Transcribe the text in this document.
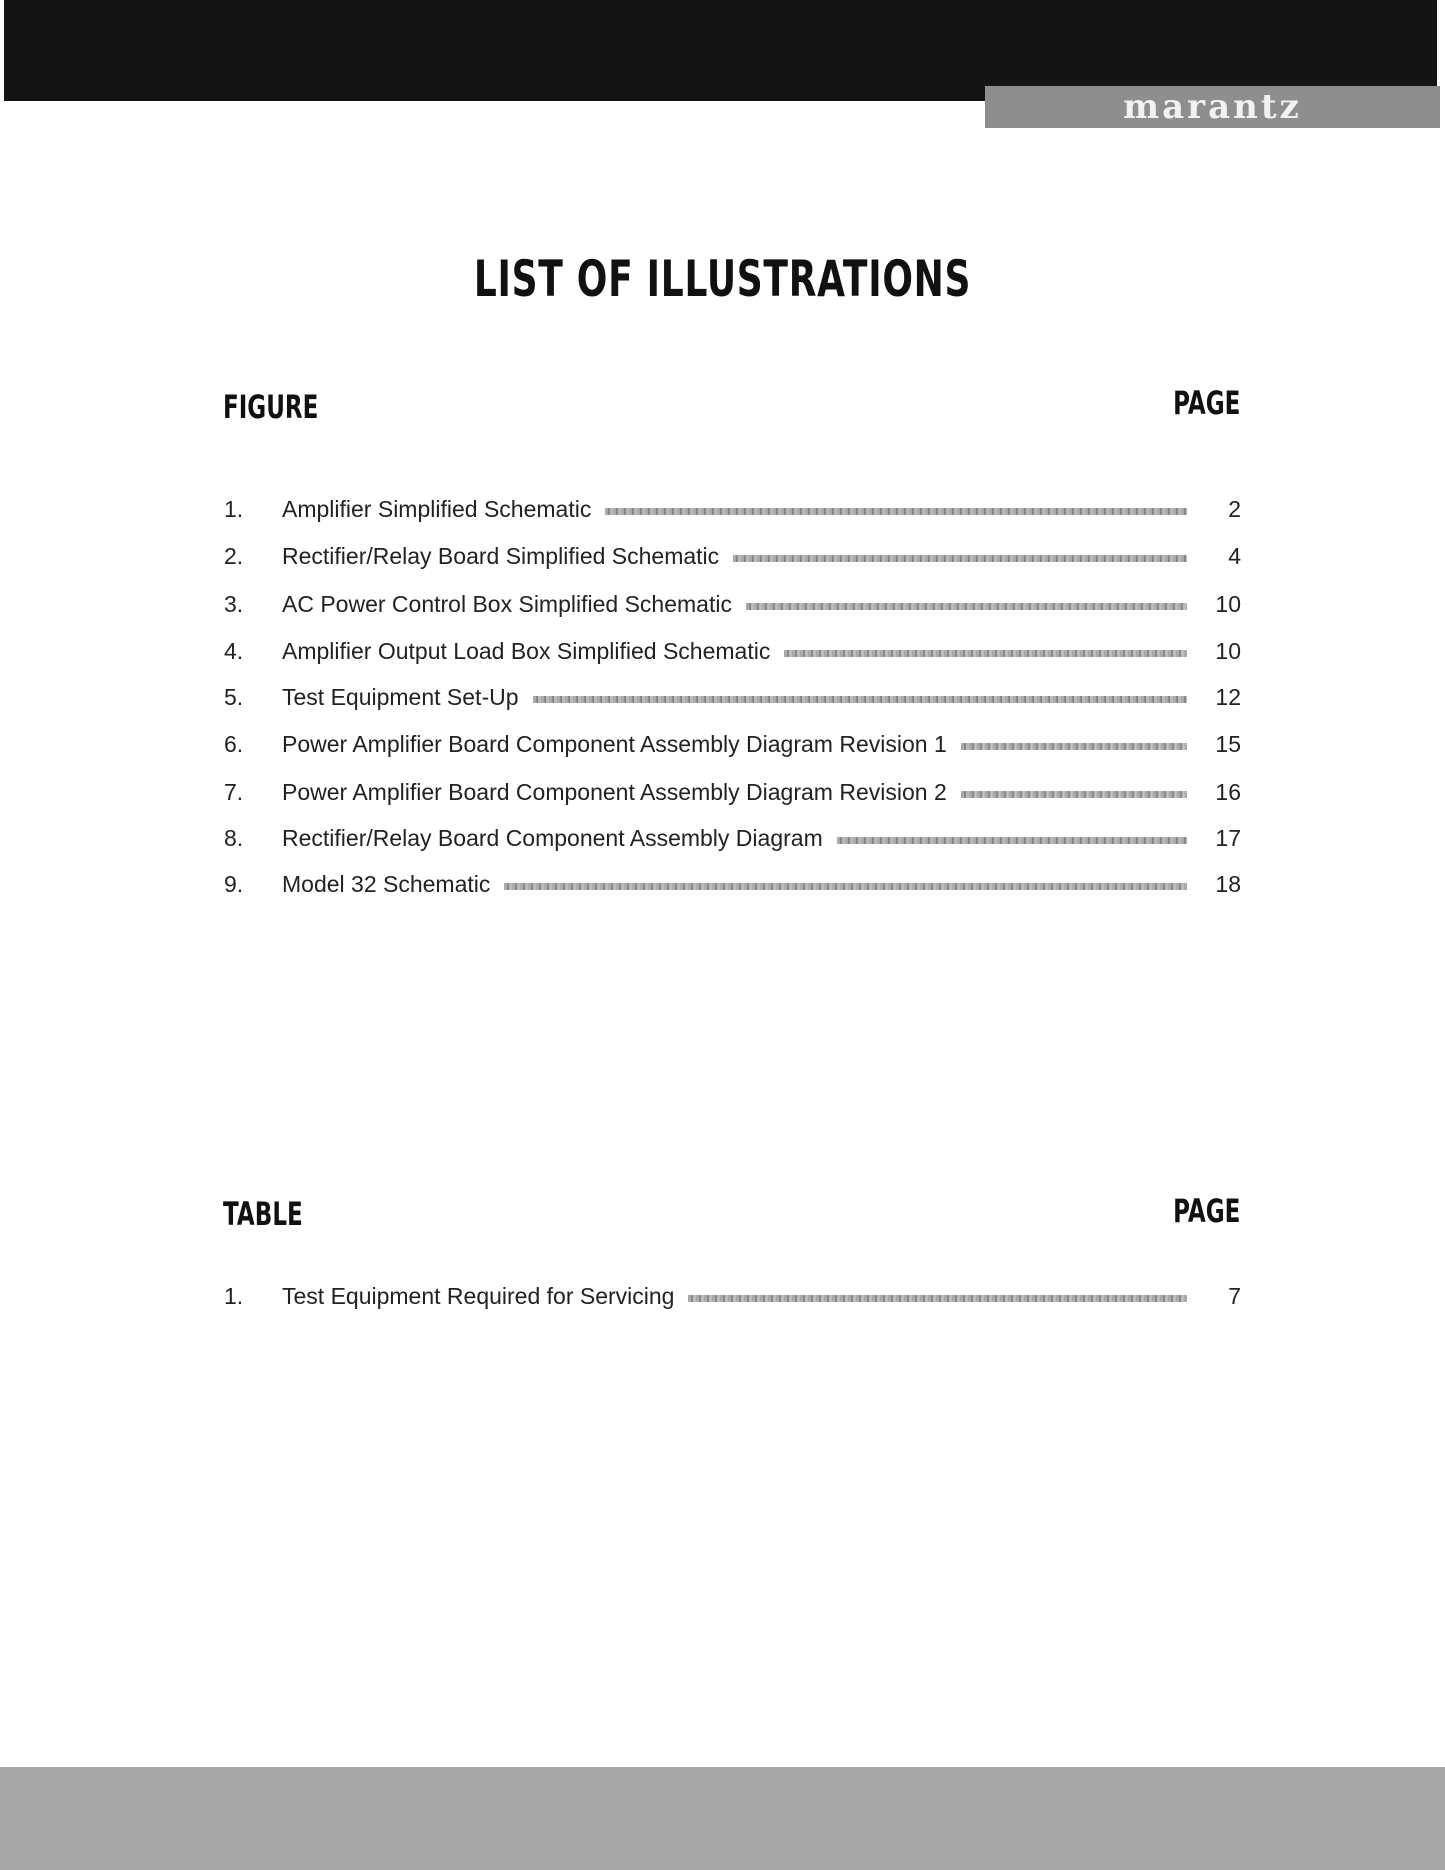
marantz
LIST OF ILLUSTRATIONS
FIGURE	PAGE
1.	Amplifier Simplified Schematic	2
2.	Rectifier/Relay Board Simplified Schematic	4
3.	AC Power Control Box Simplified Schematic	10
4.	Amplifier Output Load Box Simplified Schematic	10
5.	Test Equipment Set-Up	12
6.	Power Amplifier Board Component Assembly Diagram Revision 1	15
7.	Power Amplifier Board Component Assembly Diagram Revision 2	16
8.	Rectifier/Relay Board Component Assembly Diagram	17
9.	Model 32 Schematic	18
TABLE	PAGE
1.	Test Equipment Required for Servicing	7
